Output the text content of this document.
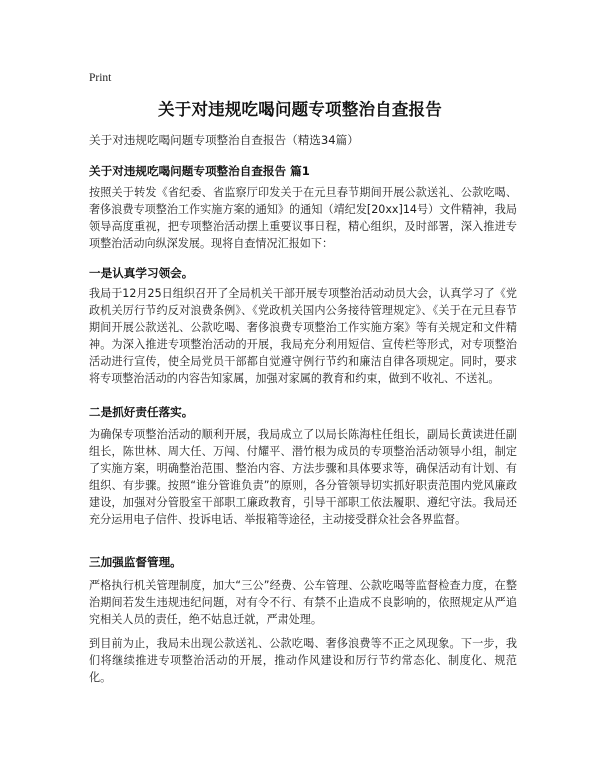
Print
关于对违规吃喝问题专项整治自查报告
关于对违规吃喝问题专项整治自查报告（精选34篇）
关于对违规吃喝问题专项整治自查报告 篇1

按照关于转发《省纪委、省监察厅印发关于在元旦春节期间开展公款送礼、公款吃喝、奢侈浪费专项整治工作实施方案的通知》的通知（靖纪发[20xx]14号）文件精神，我局领导高度重视，把专项整治活动摆上重要议事日程，精心组织，及时部署，深入推进专项整治活动向纵深发展。现将自查情况汇报如下：

一是认真学习领会。

我局于12月25日组织召开了全局机关干部开展专项整治活动动员大会，认真学习了《党政机关厉行节约反对浪费条例》、《党政机关国内公务接待管理规定》、《关于在元旦春节期间开展公款送礼、公款吃喝、奢侈浪费专项整治工作实施方案》等有关规定和文件精神。为深入推进专项整治活动的开展，我局充分利用短信、宣传栏等形式，对专项整治活动进行宣传，使全局党员干部都自觉遵守例行节约和廉洁自律各项规定。同时，要求将专项整治活动的内容告知家属，加强对家属的教育和约束，做到不收礼、不送礼。

二是抓好责任落实。

为确保专项整治活动的顺利开展，我局成立了以局长陈海柱任组长，副局长黄读进任副组长，陈世林、周大任、万闯、付耀平、潜竹根为成员的专项整治活动领导小组，制定了实施方案，明确整治范围、整治内容、方法步骤和具体要求等，确保活动有计划、有组织、有步骤。按照“谁分管谁负责”的原则，各分管领导切实抓好职责范围内党风廉政建设，加强对分管股室干部职工廉政教育，引导干部职工依法履职、遵纪守法。我局还充分运用电子信件、投诉电话、举报箱等途径，主动接受群众社会各界监督。

三加强监督管理。

严格执行机关管理制度，加大“三公”经费、公车管理、公款吃喝等监督检查力度，在整治期间若发生违规违纪问题，对有令不行、有禁不止造成不良影响的，依照规定从严追究相关人员的责任，绝不姑息迁就，严肃处理。

到目前为止，我局未出现公款送礼、公款吃喝、奢侈浪费等不正之风现象。下一步，我们将继续推进专项整治活动的开展，推动作风建设和厉行节约常态化、制度化、规范化。
